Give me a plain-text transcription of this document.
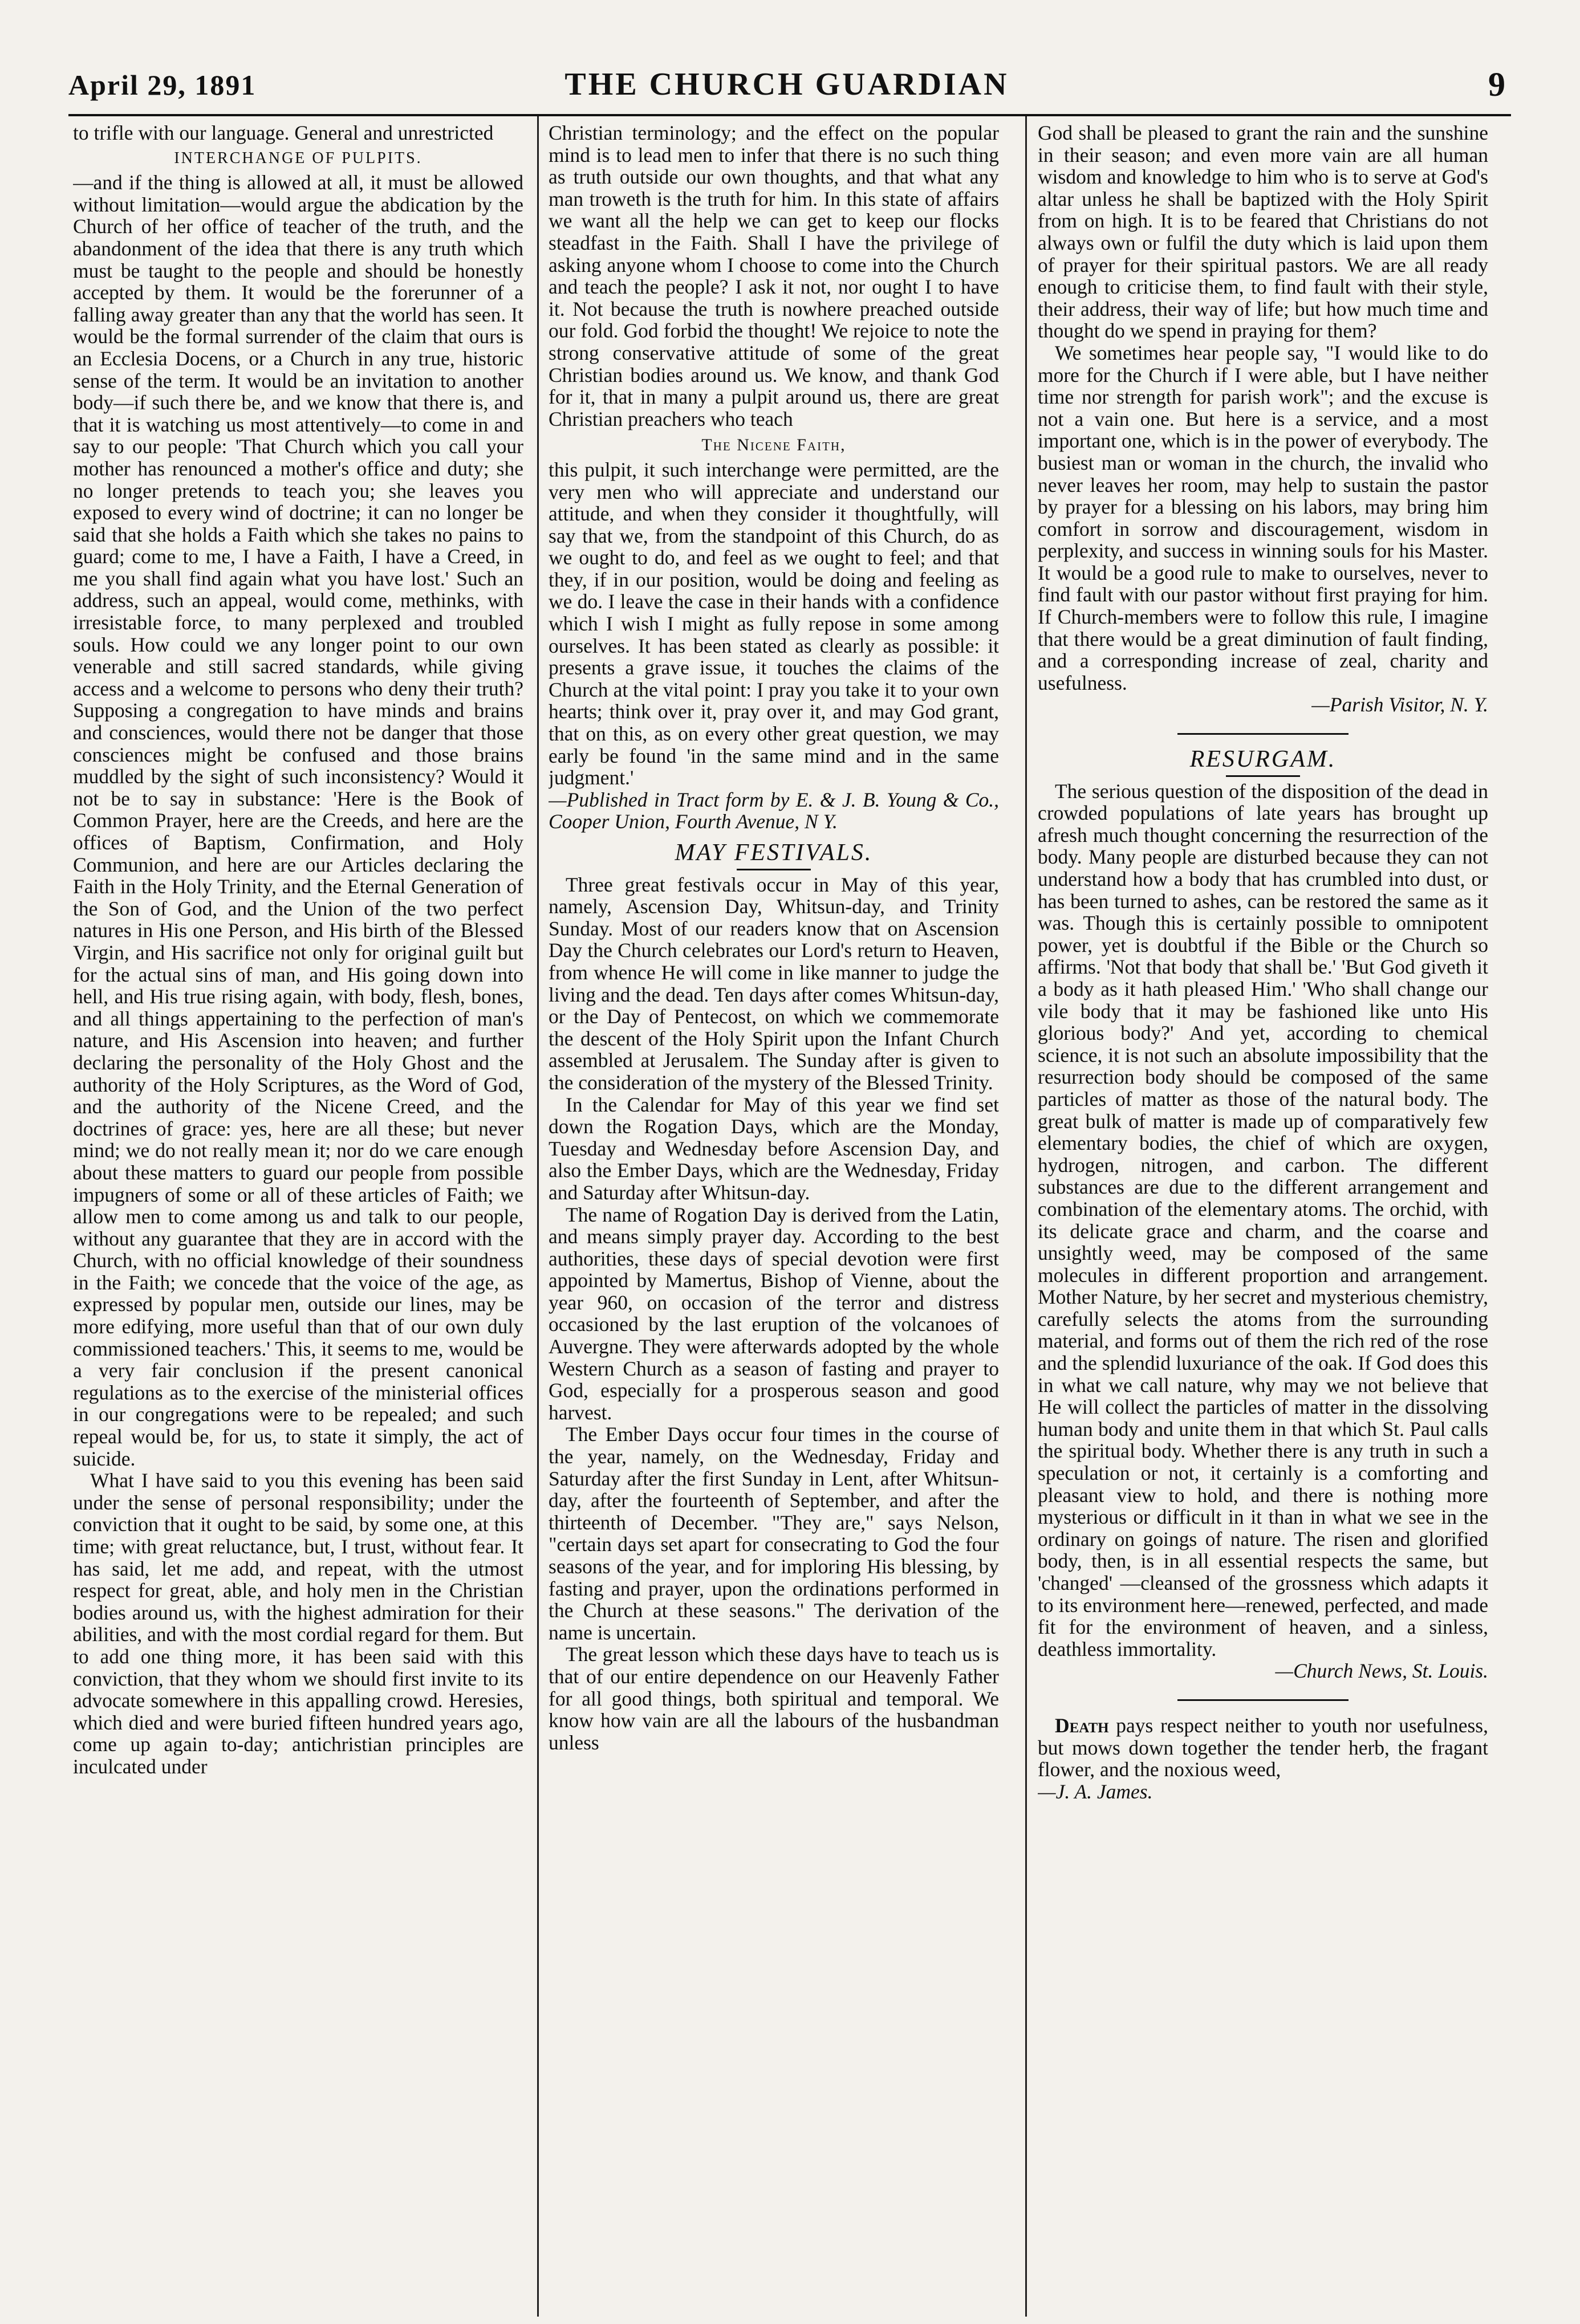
April 29, 1891	THE CHURCH GUARDIAN	9

to trifle with our language. General and unrestricted

INTERCHANGE OF PULPITS.

—and if the thing is allowed at all, it must be allowed without limitation—would argue the abdication by the Church of her office of teacher of the truth, and the abandonment of the idea that there is any truth which must be taught to the people and should be honestly accepted by them. It would be the forerunner of a falling away greater than any that the world has seen. It would be the formal surrender of the claim that ours is an Ecclesia Docens, or a Church in any true, historic sense of the term. It would be an invitation to another body—if such there be, and we know that there is, and that it is watching us most attentively—to come in and say to our people: 'That Church which you call your mother has renounced a mother's office and duty; she no longer pretends to teach you; she leaves you exposed to every wind of doctrine; it can no longer be said that she holds a Faith which she takes no pains to guard; come to me, I have a Faith, I have a Creed, in me you shall find again what you have lost.' Such an address, such an appeal, would come, methinks, with irresistable force, to many perplexed and troubled souls. How could we any longer point to our own venerable and still sacred standards, while giving access and a welcome to persons who deny their truth? Supposing a congregation to have minds and brains and consciences, would there not be danger that those consciences might be confused and those brains muddled by the sight of such inconsistency? Would it not be to say in substance: 'Here is the Book of Common Prayer, here are the Creeds, and here are the offices of Baptism, Confirmation, and Holy Communion, and here are our Articles declaring the Faith in the Holy Trinity, and the Eternal Generation of the Son of God, and the Union of the two perfect natures in His one Person, and His birth of the Blessed Virgin, and His sacrifice not only for original guilt but for the actual sins of man, and His going down into hell, and His true rising again, with body, flesh, bones, and all things appertaining to the perfection of man's nature, and His Ascension into heaven; and further declaring the personality of the Holy Ghost and the authority of the Holy Scriptures, as the Word of God, and the authority of the Nicene Creed, and the doctrines of grace: yes, here are all these; but never mind; we do not really mean it; nor do we care enough about these matters to guard our people from possible impugners of some or all of these articles of Faith; we allow men to come among us and talk to our people, without any guarantee that they are in accord with the Church, with no official knowledge of their soundness in the Faith; we concede that the voice of the age, as expressed by popular men, outside our lines, may be more edifying, more useful than that of our own duly commissioned teachers.' This, it seems to me, would be a very fair conclusion if the present canonical regulations as to the exercise of the ministerial offices in our congregations were to be repealed; and such repeal would be, for us, to state it simply, the act of suicide.

What I have said to you this evening has been said under the sense of personal responsibility; under the conviction that it ought to be said, by some one, at this time; with great reluctance, but, I trust, without fear. It has said, let me add, and repeat, with the utmost respect for great, able, and holy men in the Christian bodies around us, with the highest admiration for their abilities, and with the most cordial regard for them. But to add one thing more, it has been said with this conviction, that they whom we should first invite to its advocate somewhere in this appalling crowd. Heresies, which died and were buried fifteen hundred years ago, come up again to-day; antichristian principles are inculcated under

Christian terminology; and the effect on the popular mind is to lead men to infer that there is no such thing as truth outside our own thoughts, and that what any man troweth is the truth for him. In this state of affairs we want all the help we can get to keep our flocks steadfast in the Faith. Shall I have the privilege of asking anyone whom I choose to come into the Church and teach the people? I ask it not, nor ought I to have it. Not because the truth is nowhere preached outside our fold. God forbid the thought! We rejoice to note the strong conservative attitude of some of the great Christian bodies around us. We know, and thank God for it, that in many a pulpit around us, there are great Christian preachers who teach

The Nicene Faith,

this pulpit, it such interchange were permitted, are the very men who will appreciate and understand our attitude, and when they consider it thoughtfully, will say that we, from the standpoint of this Church, do as we ought to do, and feel as we ought to feel; and that they, if in our position, would be doing and feeling as we do. I leave the case in their hands with a confidence which I wish I might as fully repose in some among ourselves. It has been stated as clearly as possible: it presents a grave issue, it touches the claims of the Church at the vital point: I pray you take it to your own hearts; think over it, pray over it, and may God grant, that on this, as on every other great question, we may early be found 'in the same mind and in the same judgment.'

—Published in Tract form by E. & J. B. Young & Co., Cooper Union, Fourth Avenue, N Y.

MAY FESTIVALS.

Three great festivals occur in May of this year, namely, Ascension Day, Whitsun-day, and Trinity Sunday. Most of our readers know that on Ascension Day the Church celebrates our Lord's return to Heaven, from whence He will come in like manner to judge the living and the dead. Ten days after comes Whitsun-day, or the Day of Pentecost, on which we commemorate the descent of the Holy Spirit upon the Infant Church assembled at Jerusalem. The Sunday after is given to the consideration of the mystery of the Blessed Trinity.

In the Calendar for May of this year we find set down the Rogation Days, which are the Monday, Tuesday and Wednesday before Ascension Day, and also the Ember Days, which are the Wednesday, Friday and Saturday after Whitsun-day.

The name of Rogation Day is derived from the Latin, and means simply prayer day. According to the best authorities, these days of special devotion were first appointed by Mamertus, Bishop of Vienne, about the year 960, on occasion of the terror and distress occasioned by the last eruption of the volcanoes of Auvergne. They were afterwards adopted by the whole Western Church as a season of fasting and prayer to God, especially for a prosperous season and good harvest.

The Ember Days occur four times in the course of the year, namely, on the Wednesday, Friday and Saturday after the first Sunday in Lent, after Whitsun-day, after the fourteenth of September, and after the thirteenth of December. "They are," says Nelson, "certain days set apart for consecrating to God the four seasons of the year, and for imploring His blessing, by fasting and prayer, upon the ordinations performed in the Church at these seasons." The derivation of the name is uncertain.

The great lesson which these days have to teach us is that of our entire dependence on our Heavenly Father for all good things, both spiritual and temporal. We know how vain are all the labours of the husbandman unless

God shall be pleased to grant the rain and the sunshine in their season; and even more vain are all human wisdom and knowledge to him who is to serve at God's altar unless he shall be baptized with the Holy Spirit from on high. It is to be feared that Christians do not always own or fulfil the duty which is laid upon them of prayer for their spiritual pastors. We are all ready enough to criticise them, to find fault with their style, their address, their way of life; but how much time and thought do we spend in praying for them?

We sometimes hear people say, "I would like to do more for the Church if I were able, but I have neither time nor strength for parish work"; and the excuse is not a vain one. But here is a service, and a most important one, which is in the power of everybody. The busiest man or woman in the church, the invalid who never leaves her room, may help to sustain the pastor by prayer for a blessing on his labors, may bring him comfort in sorrow and discouragement, wisdom in perplexity, and success in winning souls for his Master. It would be a good rule to make to ourselves, never to find fault with our pastor without first praying for him. If Church-members were to follow this rule, I imagine that there would be a great diminution of fault finding, and a corresponding increase of zeal, charity and usefulness.

—Parish Visitor, N. Y.

RESURGAM.

The serious question of the disposition of the dead in crowded populations of late years has brought up afresh much thought concerning the resurrection of the body. Many people are disturbed because they can not understand how a body that has crumbled into dust, or has been turned to ashes, can be restored the same as it was. Though this is certainly possible to omnipotent power, yet is doubtful if the Bible or the Church so affirms. 'Not that body that shall be.' 'But God giveth it a body as it hath pleased Him.' 'Who shall change our vile body that it may be fashioned like unto His glorious body?' And yet, according to chemical science, it is not such an absolute impossibility that the resurrection body should be composed of the same particles of matter as those of the natural body. The great bulk of matter is made up of comparatively few elementary bodies, the chief of which are oxygen, hydrogen, nitrogen, and carbon. The different substances are due to the different arrangement and combination of the elementary atoms. The orchid, with its delicate grace and charm, and the coarse and unsightly weed, may be composed of the same molecules in different proportion and arrangement. Mother Nature, by her secret and mysterious chemistry, carefully selects the atoms from the surrounding material, and forms out of them the rich red of the rose and the splendid luxuriance of the oak. If God does this in what we call nature, why may we not believe that He will collect the particles of matter in the dissolving human body and unite them in that which St. Paul calls the spiritual body. Whether there is any truth in such a speculation or not, it certainly is a comforting and pleasant view to hold, and there is nothing more mysterious or difficult in it than in what we see in the ordinary on goings of nature. The risen and glorified body, then, is in all essential respects the same, but 'changed' —cleansed of the grossness which adapts it to its environment here—renewed, perfected, and made fit for the environment of heaven, and a sinless, deathless immortality.

—Church News, St. Louis.

Death pays respect neither to youth nor usefulness, but mows down together the tender herb, the fragant flower, and the noxious weed,

—J. A. James.
